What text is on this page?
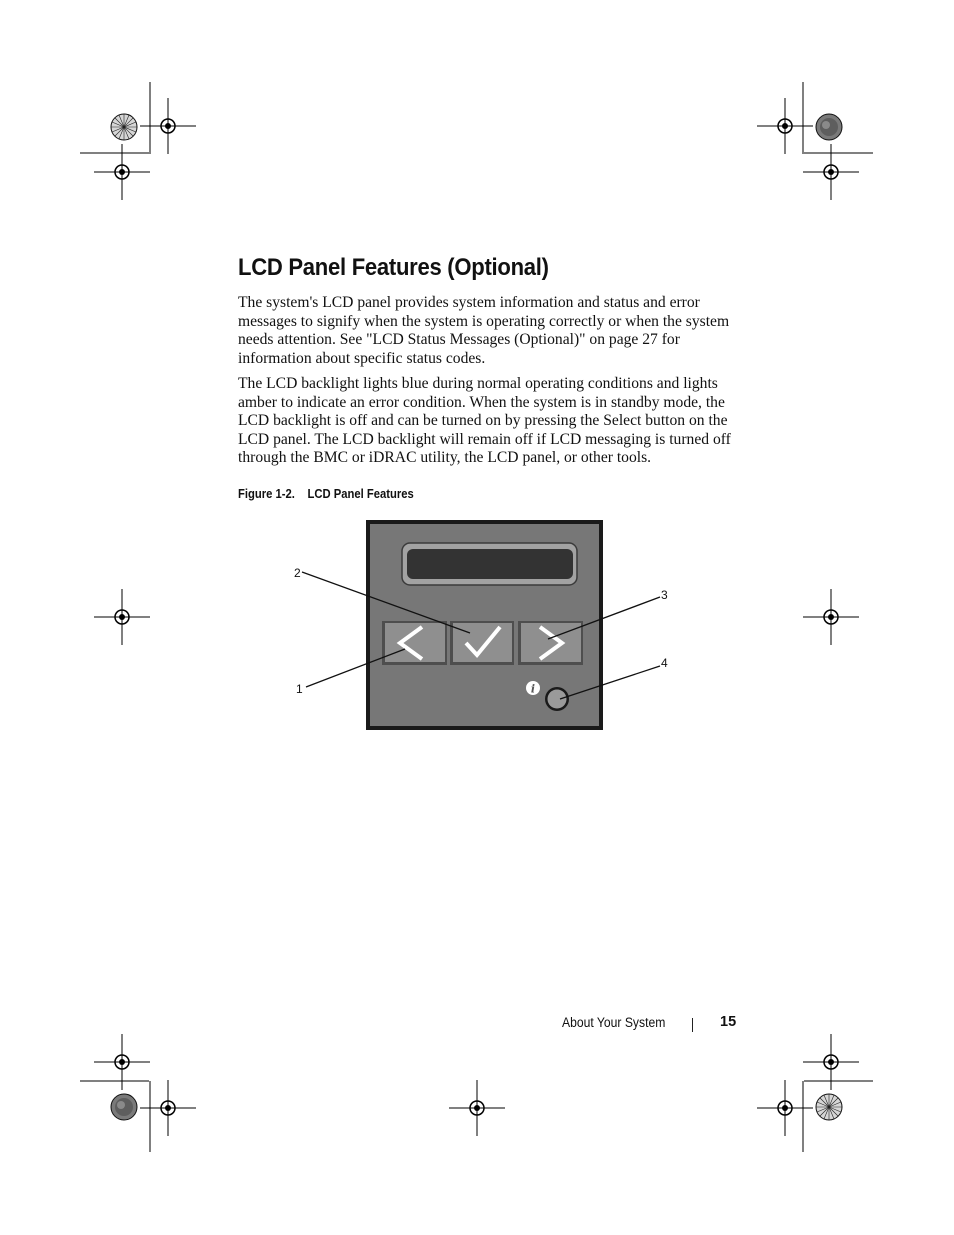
LCD Panel Features (Optional)

The system's LCD panel provides system information and status and error messages to signify when the system is operating correctly or when the system needs attention. See "LCD Status Messages (Optional)" on page 27 for information about specific status codes.

The LCD backlight lights blue during normal operating conditions and lights amber to indicate an error condition. When the system is in standby mode, the LCD backlight is off and can be turned on by pressing the Select button on the LCD panel. The LCD backlight will remain off if LCD messaging is turned off through the BMC or iDRAC utility, the LCD panel, or other tools.

Figure 1-2. LCD Panel Features
i
1
2
3
4
About Your System	15
